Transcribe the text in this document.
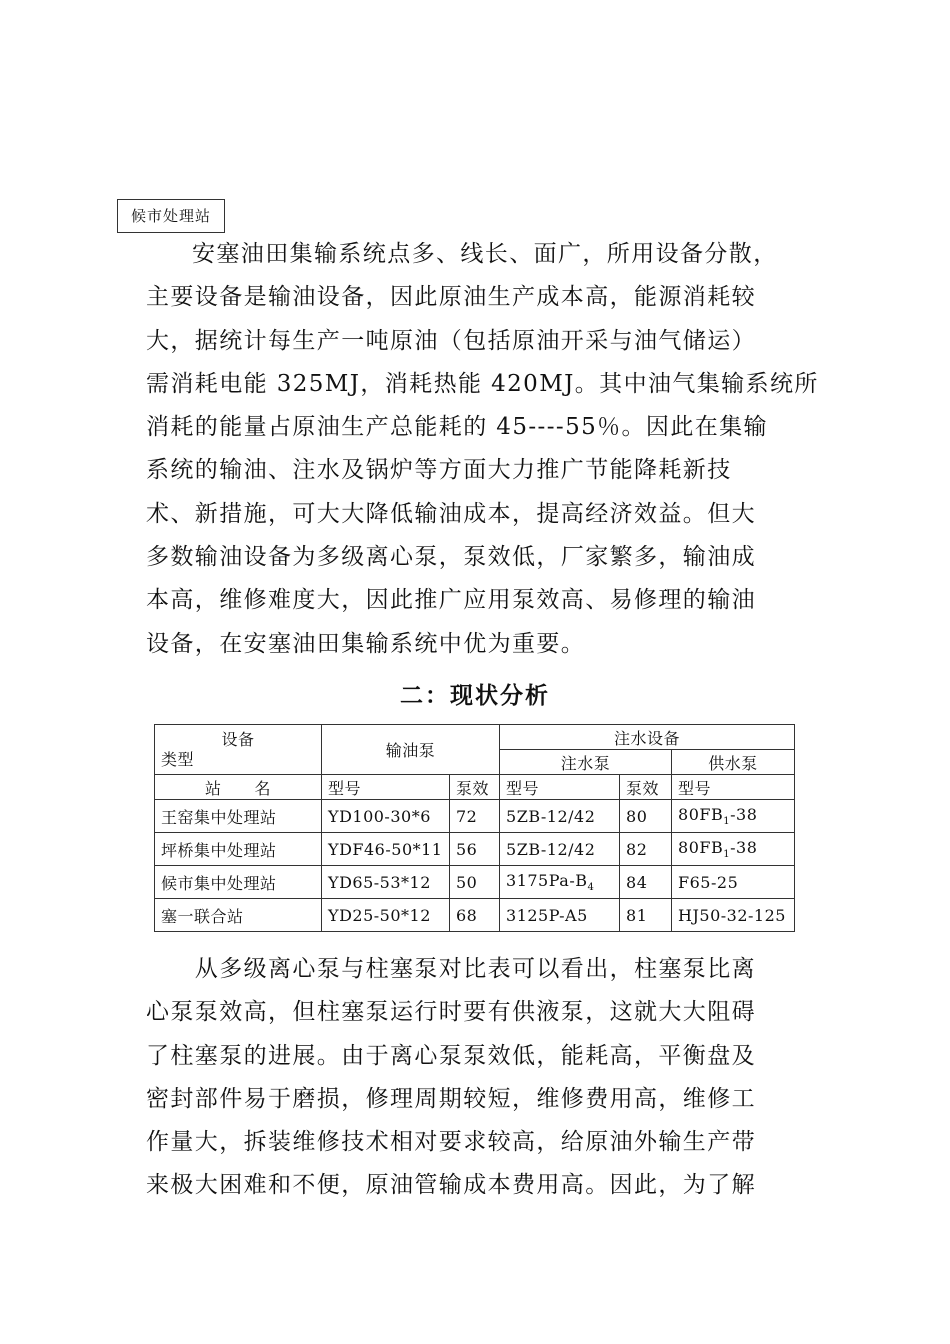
候市处理站

安塞油田集输系统点多、线长、面广，所用设备分散，
主要设备是输油设备，因此原油生产成本高，能源消耗较
大，据统计每生产一吨原油（包括原油开采与油气储运）
需消耗电能 325MJ，消耗热能 420MJ。其中油气集输系统所
消耗的能量占原油生产总能耗的 45----55％。因此在集输
系统的输油、注水及锅炉等方面大力推广节能降耗新技
术、新措施，可大大降低输油成本，提高经济效益。但大
多数输油设备为多级离心泵，泵效低，厂家繁多，输油成
本高，维修难度大，因此推广应用泵效高、易修理的输油
设备，在安塞油田集输系统中优为重要。

二：现状分析
设备
类型	输油泵		注水设备		
			注水泵		供水泵
站　　名	型号	泵效	型号	泵效	型号
王窑集中处理站	YD100-30*6	72	5ZB-12/42	80	$80FB_1-38$
坪桥集中处理站	YDF46-50*11	56	5ZB-12/42	82	$80FB_1-38$
候市集中处理站	YD65-53*12	50	$3175Pa-B_4$	84	F65-25
塞一联合站	YD25-50*12	68	3125P-A5	81	HJ50-32-125

　　从多级离心泵与柱塞泵对比表可以看出，柱塞泵比离
心泵泵效高，但柱塞泵运行时要有供液泵，这就大大阻碍
了柱塞泵的进展。由于离心泵泵效低，能耗高，平衡盘及
密封部件易于磨损，修理周期较短，维修费用高，维修工
作量大，拆装维修技术相对要求较高，给原油外输生产带
来极大困难和不便，原油管输成本费用高。因此，为了解
